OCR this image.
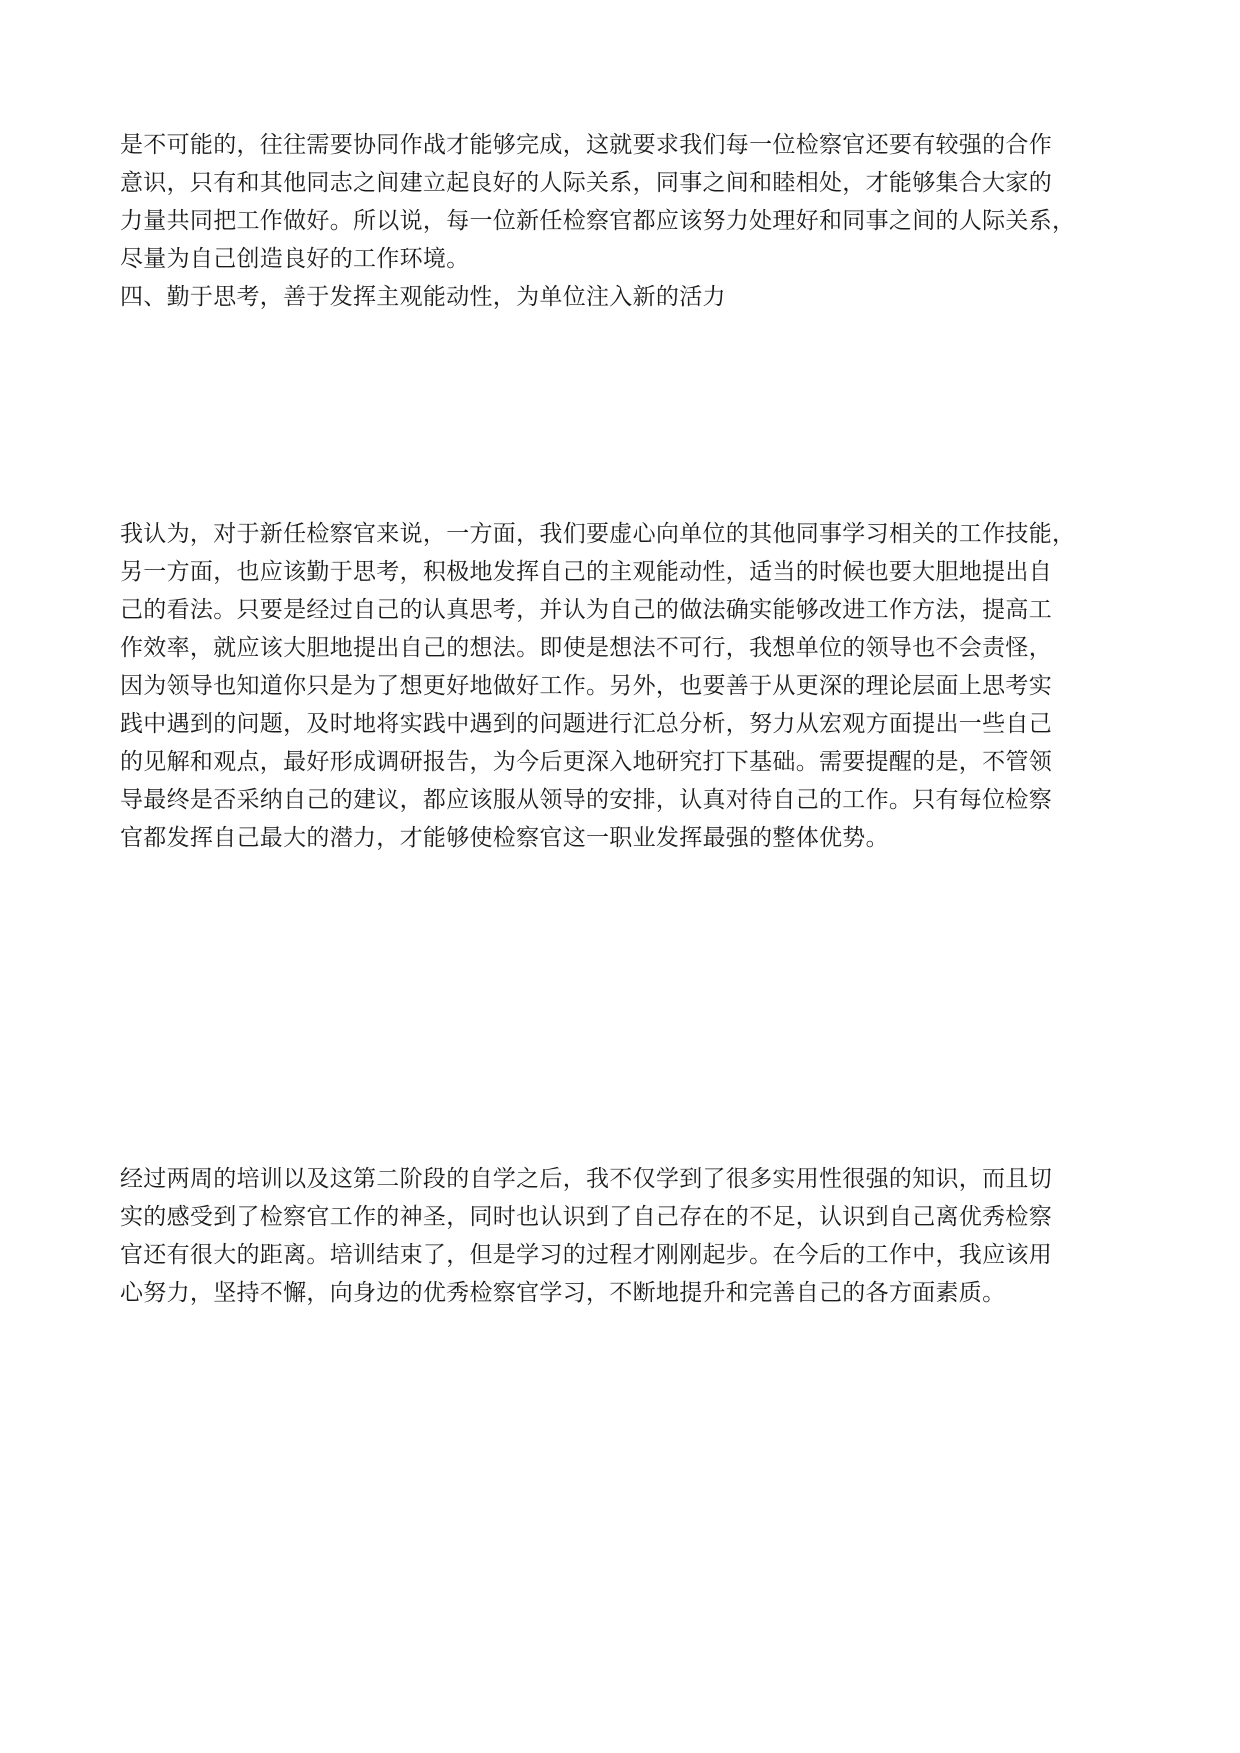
是不可能的，往往需要协同作战才能够完成，这就要求我们每一位检察官还要有较强的合作
意识，只有和其他同志之间建立起良好的人际关系，同事之间和睦相处，才能够集合大家的
力量共同把工作做好。所以说，每一位新任检察官都应该努力处理好和同事之间的人际关系，
尽量为自己创造良好的工作环境。
四、勤于思考，善于发挥主观能动性，为单位注入新的活力
我认为，对于新任检察官来说，一方面，我们要虚心向单位的其他同事学习相关的工作技能，
另一方面，也应该勤于思考，积极地发挥自己的主观能动性，适当的时候也要大胆地提出自
己的看法。只要是经过自己的认真思考，并认为自己的做法确实能够改进工作方法，提高工
作效率，就应该大胆地提出自己的想法。即使是想法不可行，我想单位的领导也不会责怪，
因为领导也知道你只是为了想更好地做好工作。另外，也要善于从更深的理论层面上思考实
践中遇到的问题，及时地将实践中遇到的问题进行汇总分析，努力从宏观方面提出一些自己
的见解和观点，最好形成调研报告，为今后更深入地研究打下基础。需要提醒的是，不管领
导最终是否采纳自己的建议，都应该服从领导的安排，认真对待自己的工作。只有每位检察
官都发挥自己最大的潜力，才能够使检察官这一职业发挥最强的整体优势。
经过两周的培训以及这第二阶段的自学之后，我不仅学到了很多实用性很强的知识，而且切
实的感受到了检察官工作的神圣，同时也认识到了自己存在的不足，认识到自己离优秀检察
官还有很大的距离。培训结束了，但是学习的过程才刚刚起步。在今后的工作中，我应该用
心努力，坚持不懈，向身边的优秀检察官学习，不断地提升和完善自己的各方面素质。
